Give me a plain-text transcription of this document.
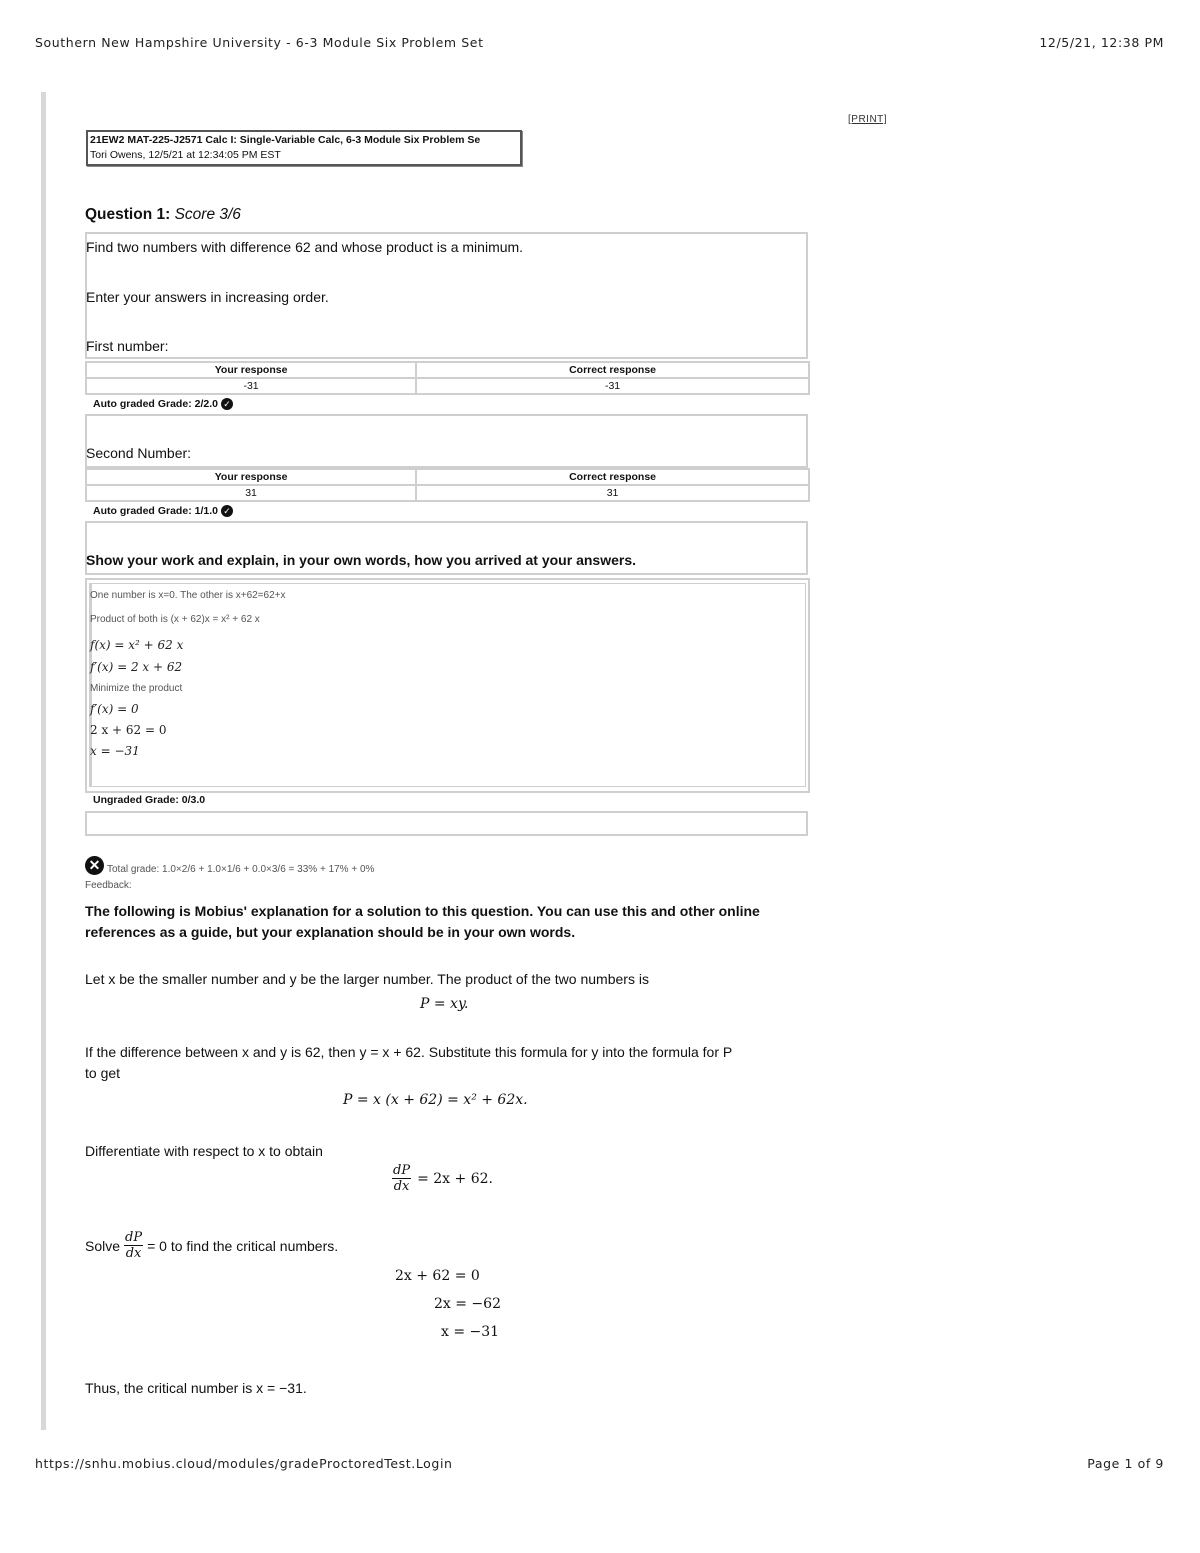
Southern New Hampshire University - 6-3 Module Six Problem Set	12/5/21, 12:38 PM
[PRINT]
21EW2 MAT-225-J2571 Calc I: Single-Variable Calc, 6-3 Module Six Problem Se
Tori Owens, 12/5/21 at 12:34:05 PM EST
Question 1: Score 3/6
Find two numbers with difference 62 and whose product is a minimum.
Enter your answers in increasing order.
First number:
Your response	Correct response
-31	-31
Auto graded Grade: 2/2.0 ✓
Second Number:
Your response	Correct response
31	31
Auto graded Grade: 1/1.0 ✓
Show your work and explain, in your own words, how you arrived at your answers.
One number is x=0. The other is x+62=62+x
Product of both is (x + 62)x = x² + 62 x
f(x) = x² + 62 x
f′(x) = 2 x + 62
Minimize the product
f′(x) = 0
2 x + 62 = 0
x = −31
Ungraded Grade: 0/3.0
✕ Total grade: 1.0×2/6 + 1.0×1/6 + 0.0×3/6 = 33% + 17% + 0%
Feedback:
The following is Mobius' explanation for a solution to this question. You can use this and other online references as a guide, but your explanation should be in your own words.
Let x be the smaller number and y be the larger number. The product of the two numbers is
P = xy.
If the difference between x and y is 62, then y = x + 62. Substitute this formula for y into the formula for P
to get
P = x (x + 62) = x² + 62x.
Differentiate with respect to x to obtain
$\frac{dP}{dx} = 2x + 62$.
Solve $\frac{dP}{dx} = 0$ to find the critical numbers.
2x + 62 = 0
2x = −62
x = −31
Thus, the critical number is x = −31.
https://snhu.mobius.cloud/modules/gradeProctoredTest.Login	Page 1 of 9
